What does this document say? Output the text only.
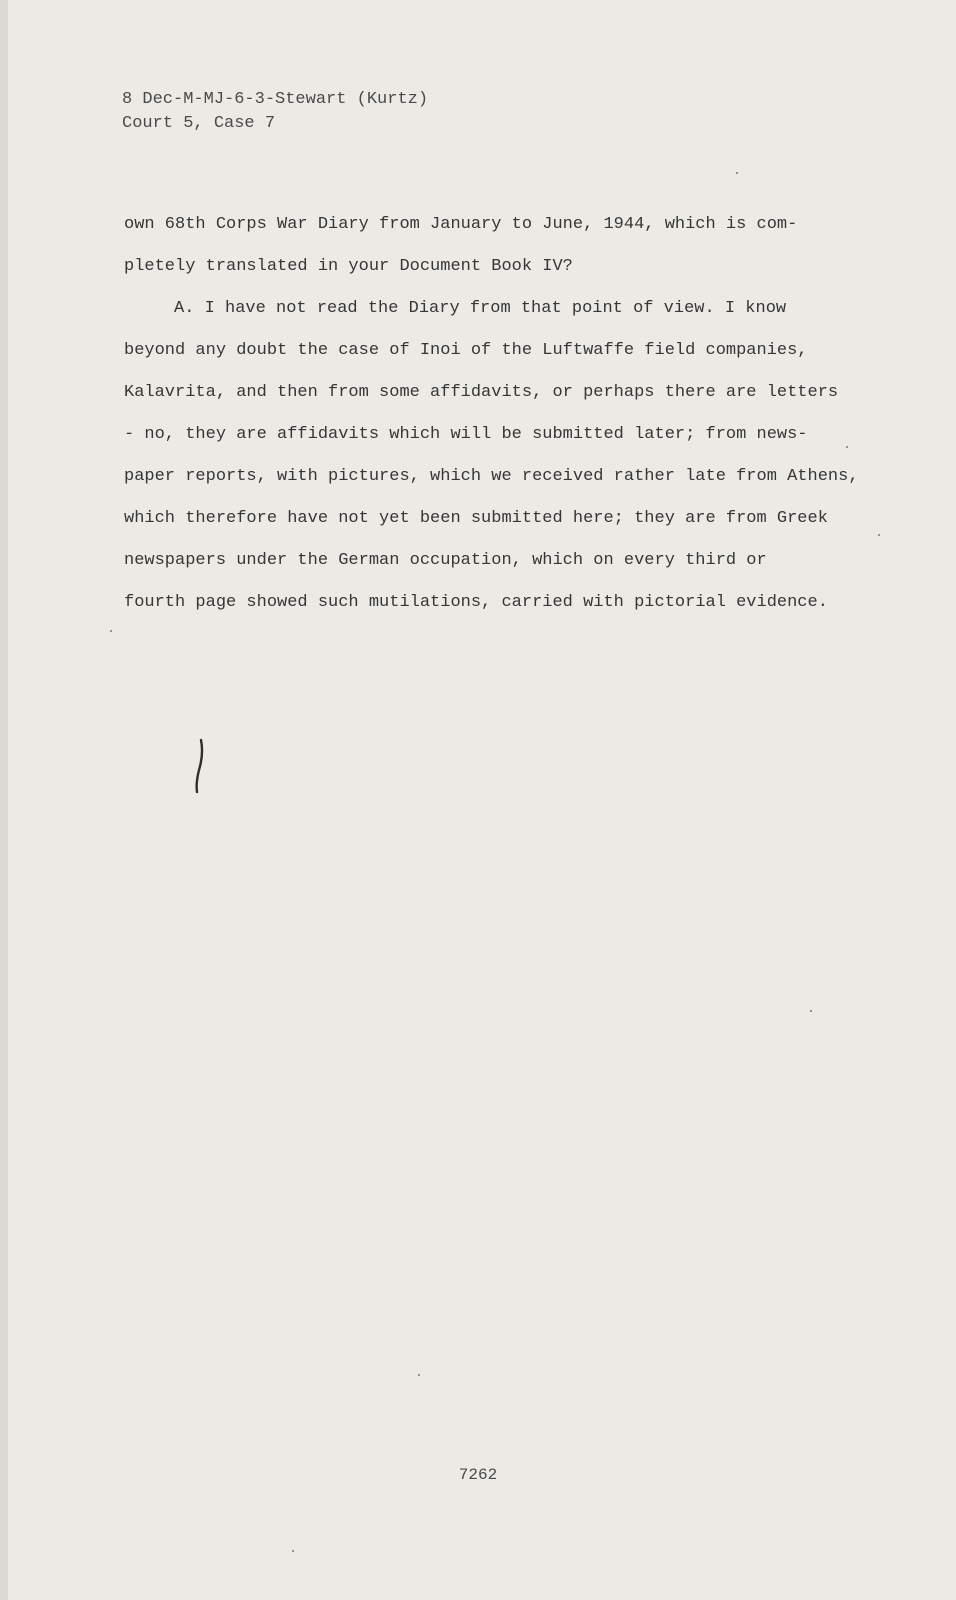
8 Dec-M-MJ-6-3-Stewart (Kurtz)
Court 5, Case 7
own 68th Corps War Diary from January to June, 1944, which is com-
pletely translated in your Document Book IV?
A. I have not read the Diary from that point of view. I know
beyond any doubt the case of Inoi of the Luftwaffe field companies,
Kalavrita, and then from some affidavits, or perhaps there are letters
- no, they are affidavits which will be submitted later; from news-
paper reports, with pictures, which we received rather late from Athens,
which therefore have not yet been submitted here; they are from Greek
newspapers under the German occupation, which on every third or
fourth page showed such mutilations, carried with pictorial evidence.
7262
